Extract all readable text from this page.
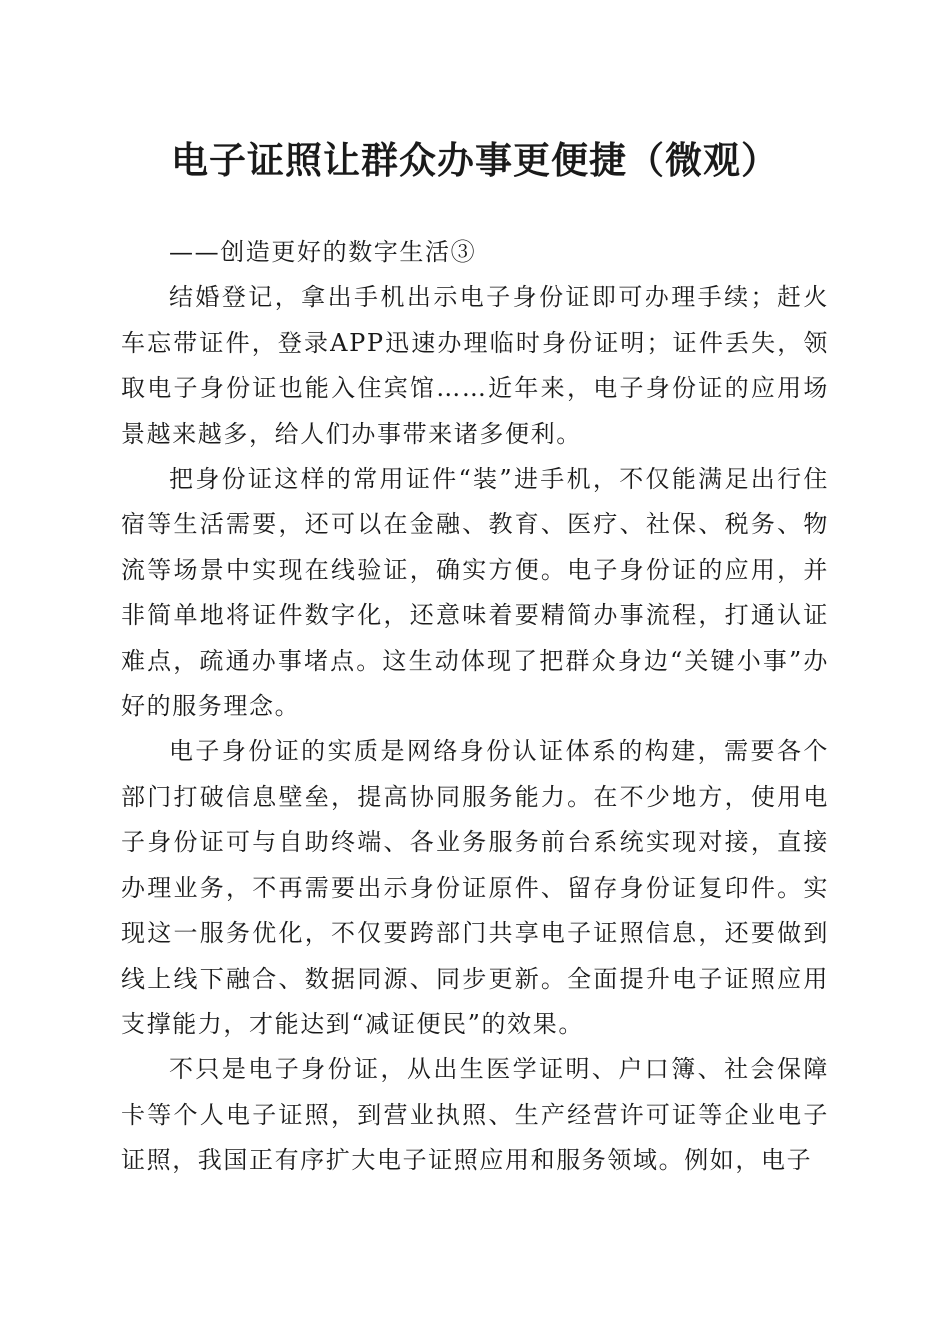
电子证照让群众办事更便捷（微观）

——创造更好的数字生活③

结婚登记，拿出手机出示电子身份证即可办理手续；赶火车忘带证件，登录APP迅速办理临时身份证明；证件丢失，领取电子身份证也能入住宾馆……近年来，电子身份证的应用场景越来越多，给人们办事带来诸多便利。

把身份证这样的常用证件“装”进手机，不仅能满足出行住宿等生活需要，还可以在金融、教育、医疗、社保、税务、物流等场景中实现在线验证，确实方便。电子身份证的应用，并非简单地将证件数字化，还意味着要精简办事流程，打通认证难点，疏通办事堵点。这生动体现了把群众身边“关键小事”办好的服务理念。

电子身份证的实质是网络身份认证体系的构建，需要各个部门打破信息壁垒，提高协同服务能力。在不少地方，使用电子身份证可与自助终端、各业务服务前台系统实现对接，直接办理业务，不再需要出示身份证原件、留存身份证复印件。实现这一服务优化，不仅要跨部门共享电子证照信息，还要做到线上线下融合、数据同源、同步更新。全面提升电子证照应用支撑能力，才能达到“减证便民”的效果。

不只是电子身份证，从出生医学证明、户口簿、社会保障卡等个人电子证照，到营业执照、生产经营许可证等企业电子证照，我国正有序扩大电子证照应用和服务领域。例如，电子
